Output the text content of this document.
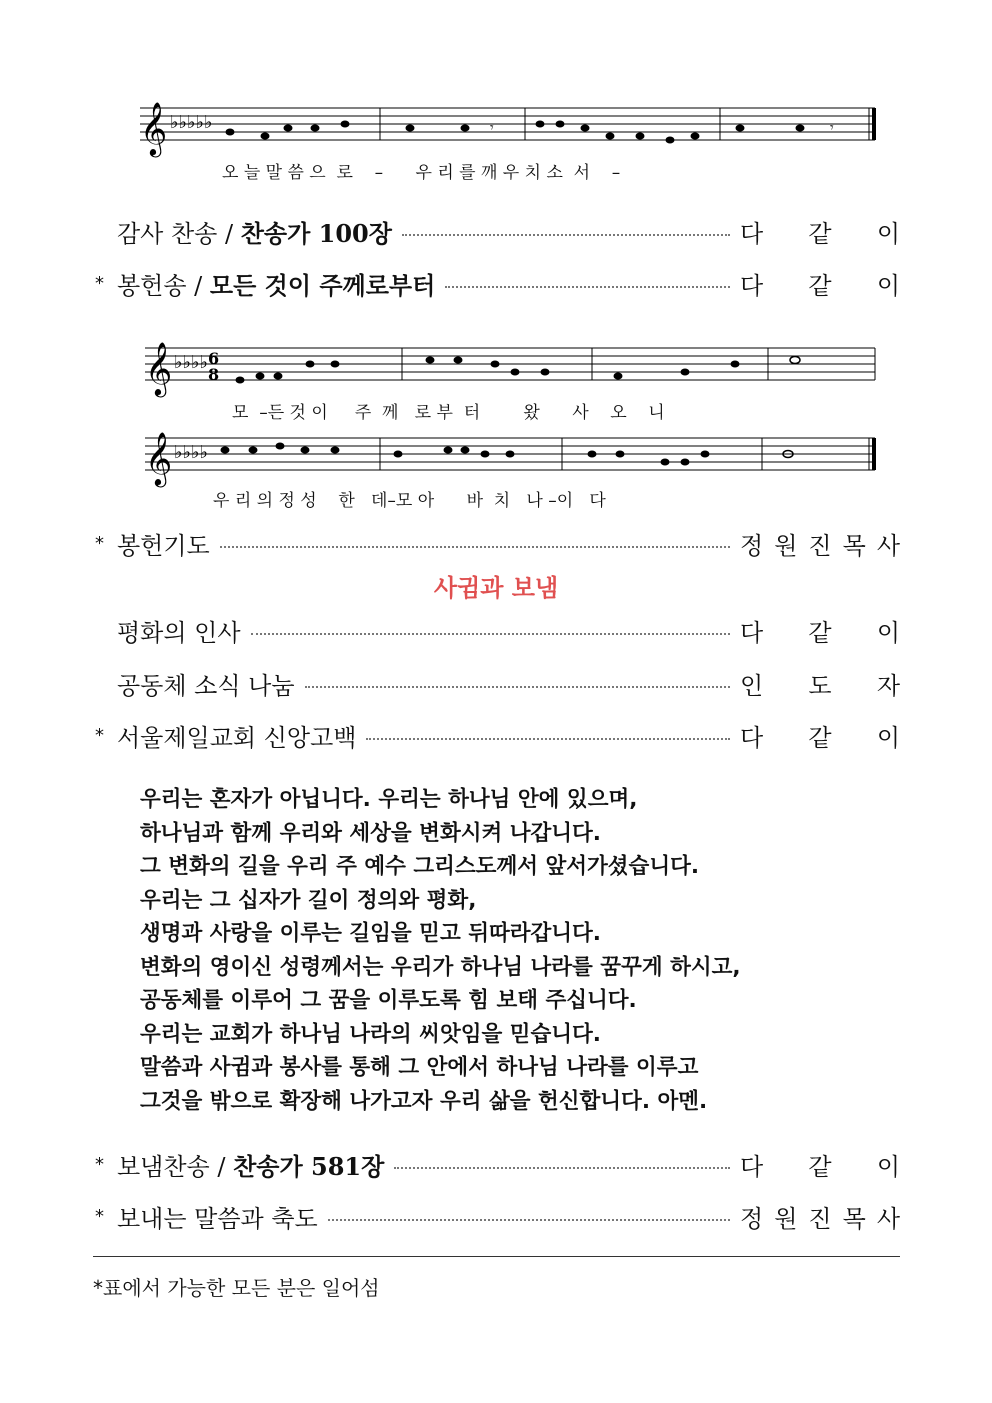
𝄞 ♭♭♭♭♭	𝄾	𝄾
오 늘 말 씀 으  로    –      우 리 를 깨 우 치 소  서    –
감사 찬송 / 찬송가 100장	다 같 이
* 봉헌송 / 모든 것이 주께로부터	다 같 이
𝄞 ♭♭♭♭ 6
8
모  –든 것 이     주  께   로 부  터        왔      사    오    니
𝄞 ♭♭♭♭
우 리 의 정 성    한   데–모 아      바  치   나 –이   다
* 봉헌기도	정 원 진 목 사
사귐과 보냄
평화의 인사	다 같 이
공동체 소식 나눔	인 도 자
* 서울제일교회 신앙고백	다 같 이
우리는 혼자가 아닙니다. 우리는 하나님 안에 있으며,
하나님과 함께 우리와 세상을 변화시켜 나갑니다.
그 변화의 길을 우리 주 예수 그리스도께서 앞서가셨습니다.
우리는 그 십자가 길이 정의와 평화,
생명과 사랑을 이루는 길임을 믿고 뒤따라갑니다.
변화의 영이신 성령께서는 우리가 하나님 나라를 꿈꾸게 하시고,
공동체를 이루어 그 꿈을 이루도록 힘 보태 주십니다.
우리는 교회가 하나님 나라의 씨앗임을 믿습니다.
말씀과 사귐과 봉사를 통해 그 안에서 하나님 나라를 이루고
그것을 밖으로 확장해 나가고자 우리 삶을 헌신합니다. 아멘.
* 보냄찬송 / 찬송가 581장	다 같 이
* 보내는 말씀과 축도	정 원 진 목 사
*표에서 가능한 모든 분은 일어섬
